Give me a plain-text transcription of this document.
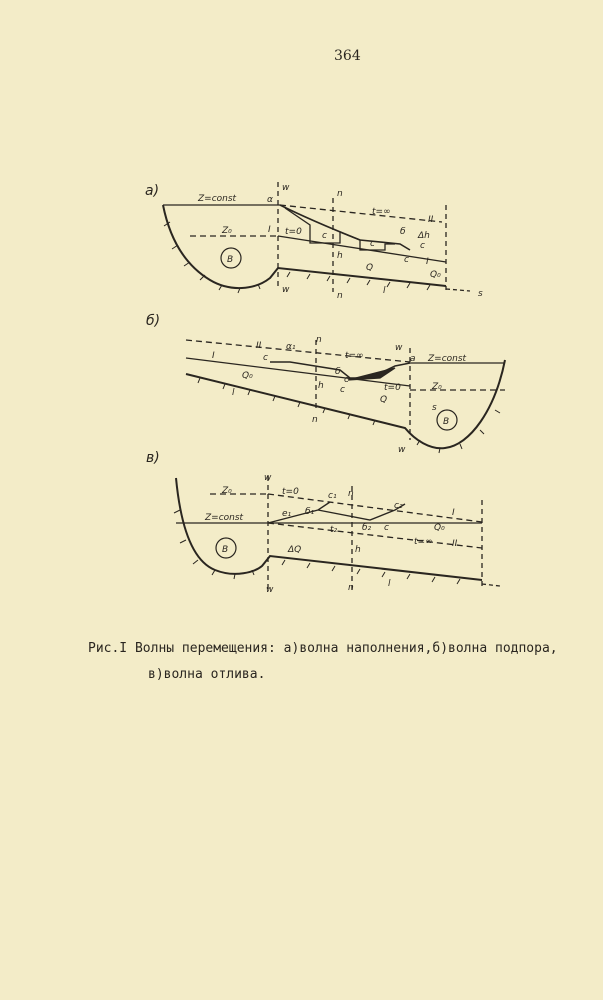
364
а)
б)
в)
Z=const	α
w
n
t=∞
II
Z₀	I t=0 c
c	c
c
б Δh
h
Q
I
Q₀
B
w
n	l	s
II	α₁
n
t=∞
w
а Z=const
I	c
б
c
t=0
Q₀
h c	Z₀
Q
l
n
s
w
B
w
Z₀	t=0	c₁ n
c₂
Z=const	e₁ б₁
t₂	б₂ c	Q₀
I
t=∞ II
B	ΔQ	h
w	n	l
Рис.I Волны перемещения: а)волна наполнения,б)волна подпора,
в)волна отлива.
